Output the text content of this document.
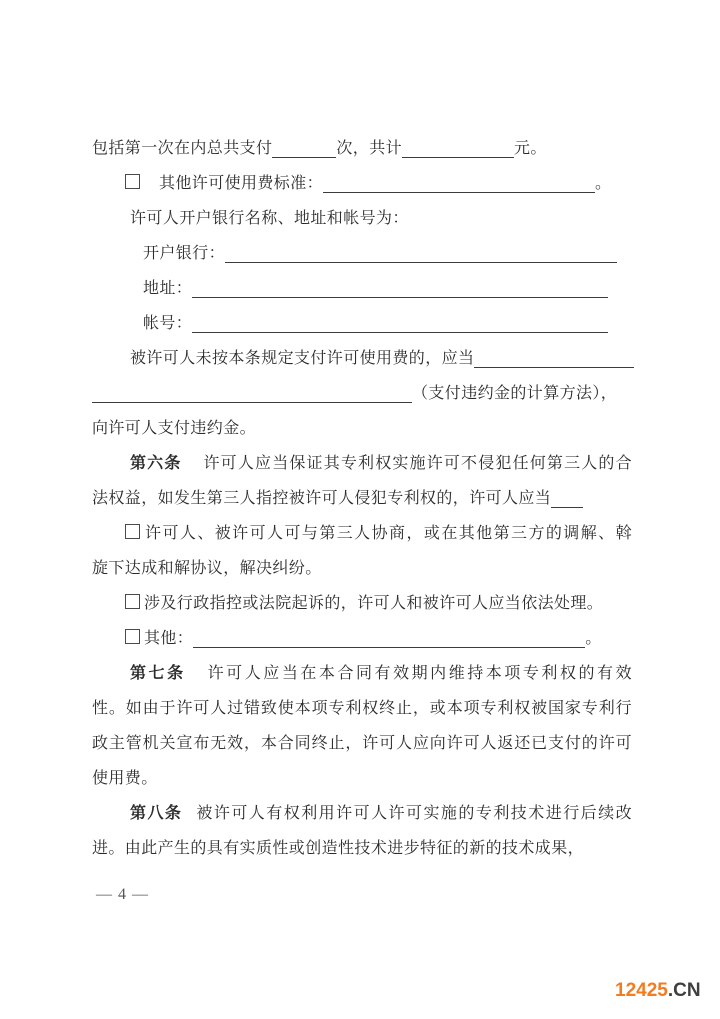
包括第一次在内总共支付	次，共计	元。
其他许可使用费标准：	。
许可人开户银行名称、地址和帐号为：
开户银行：
地址：
帐号：
被许可人未按本条规定支付许可使用费的，应当
（支付违约金的计算方法），
向许可人支付违约金。
第六条 许可人应当保证其专利权实施许可不侵犯任何第三人的合
法权益，如发生第三人指控被许可人侵犯专利权的，许可人应当
许可人、被许可人可与第三人协商，或在其他第三方的调解、斡
旋下达成和解协议，解决纠纷。
涉及行政指控或法院起诉的，许可人和被许可人应当依法处理。
其他：	。
第七条 许可人应当在本合同有效期内维持本项专利权的有效
性。如由于许可人过错致使本项专利权终止，或本项专利权被国家专利行
政主管机关宣布无效，本合同终止，许可人应向许可人返还已支付的许可
使用费。
第八条 被许可人有权利用许可人许可实施的专利技术进行后续改
进。由此产生的具有实质性或创造性技术进步特征的新的技术成果，
— 4 —
12425.CN
